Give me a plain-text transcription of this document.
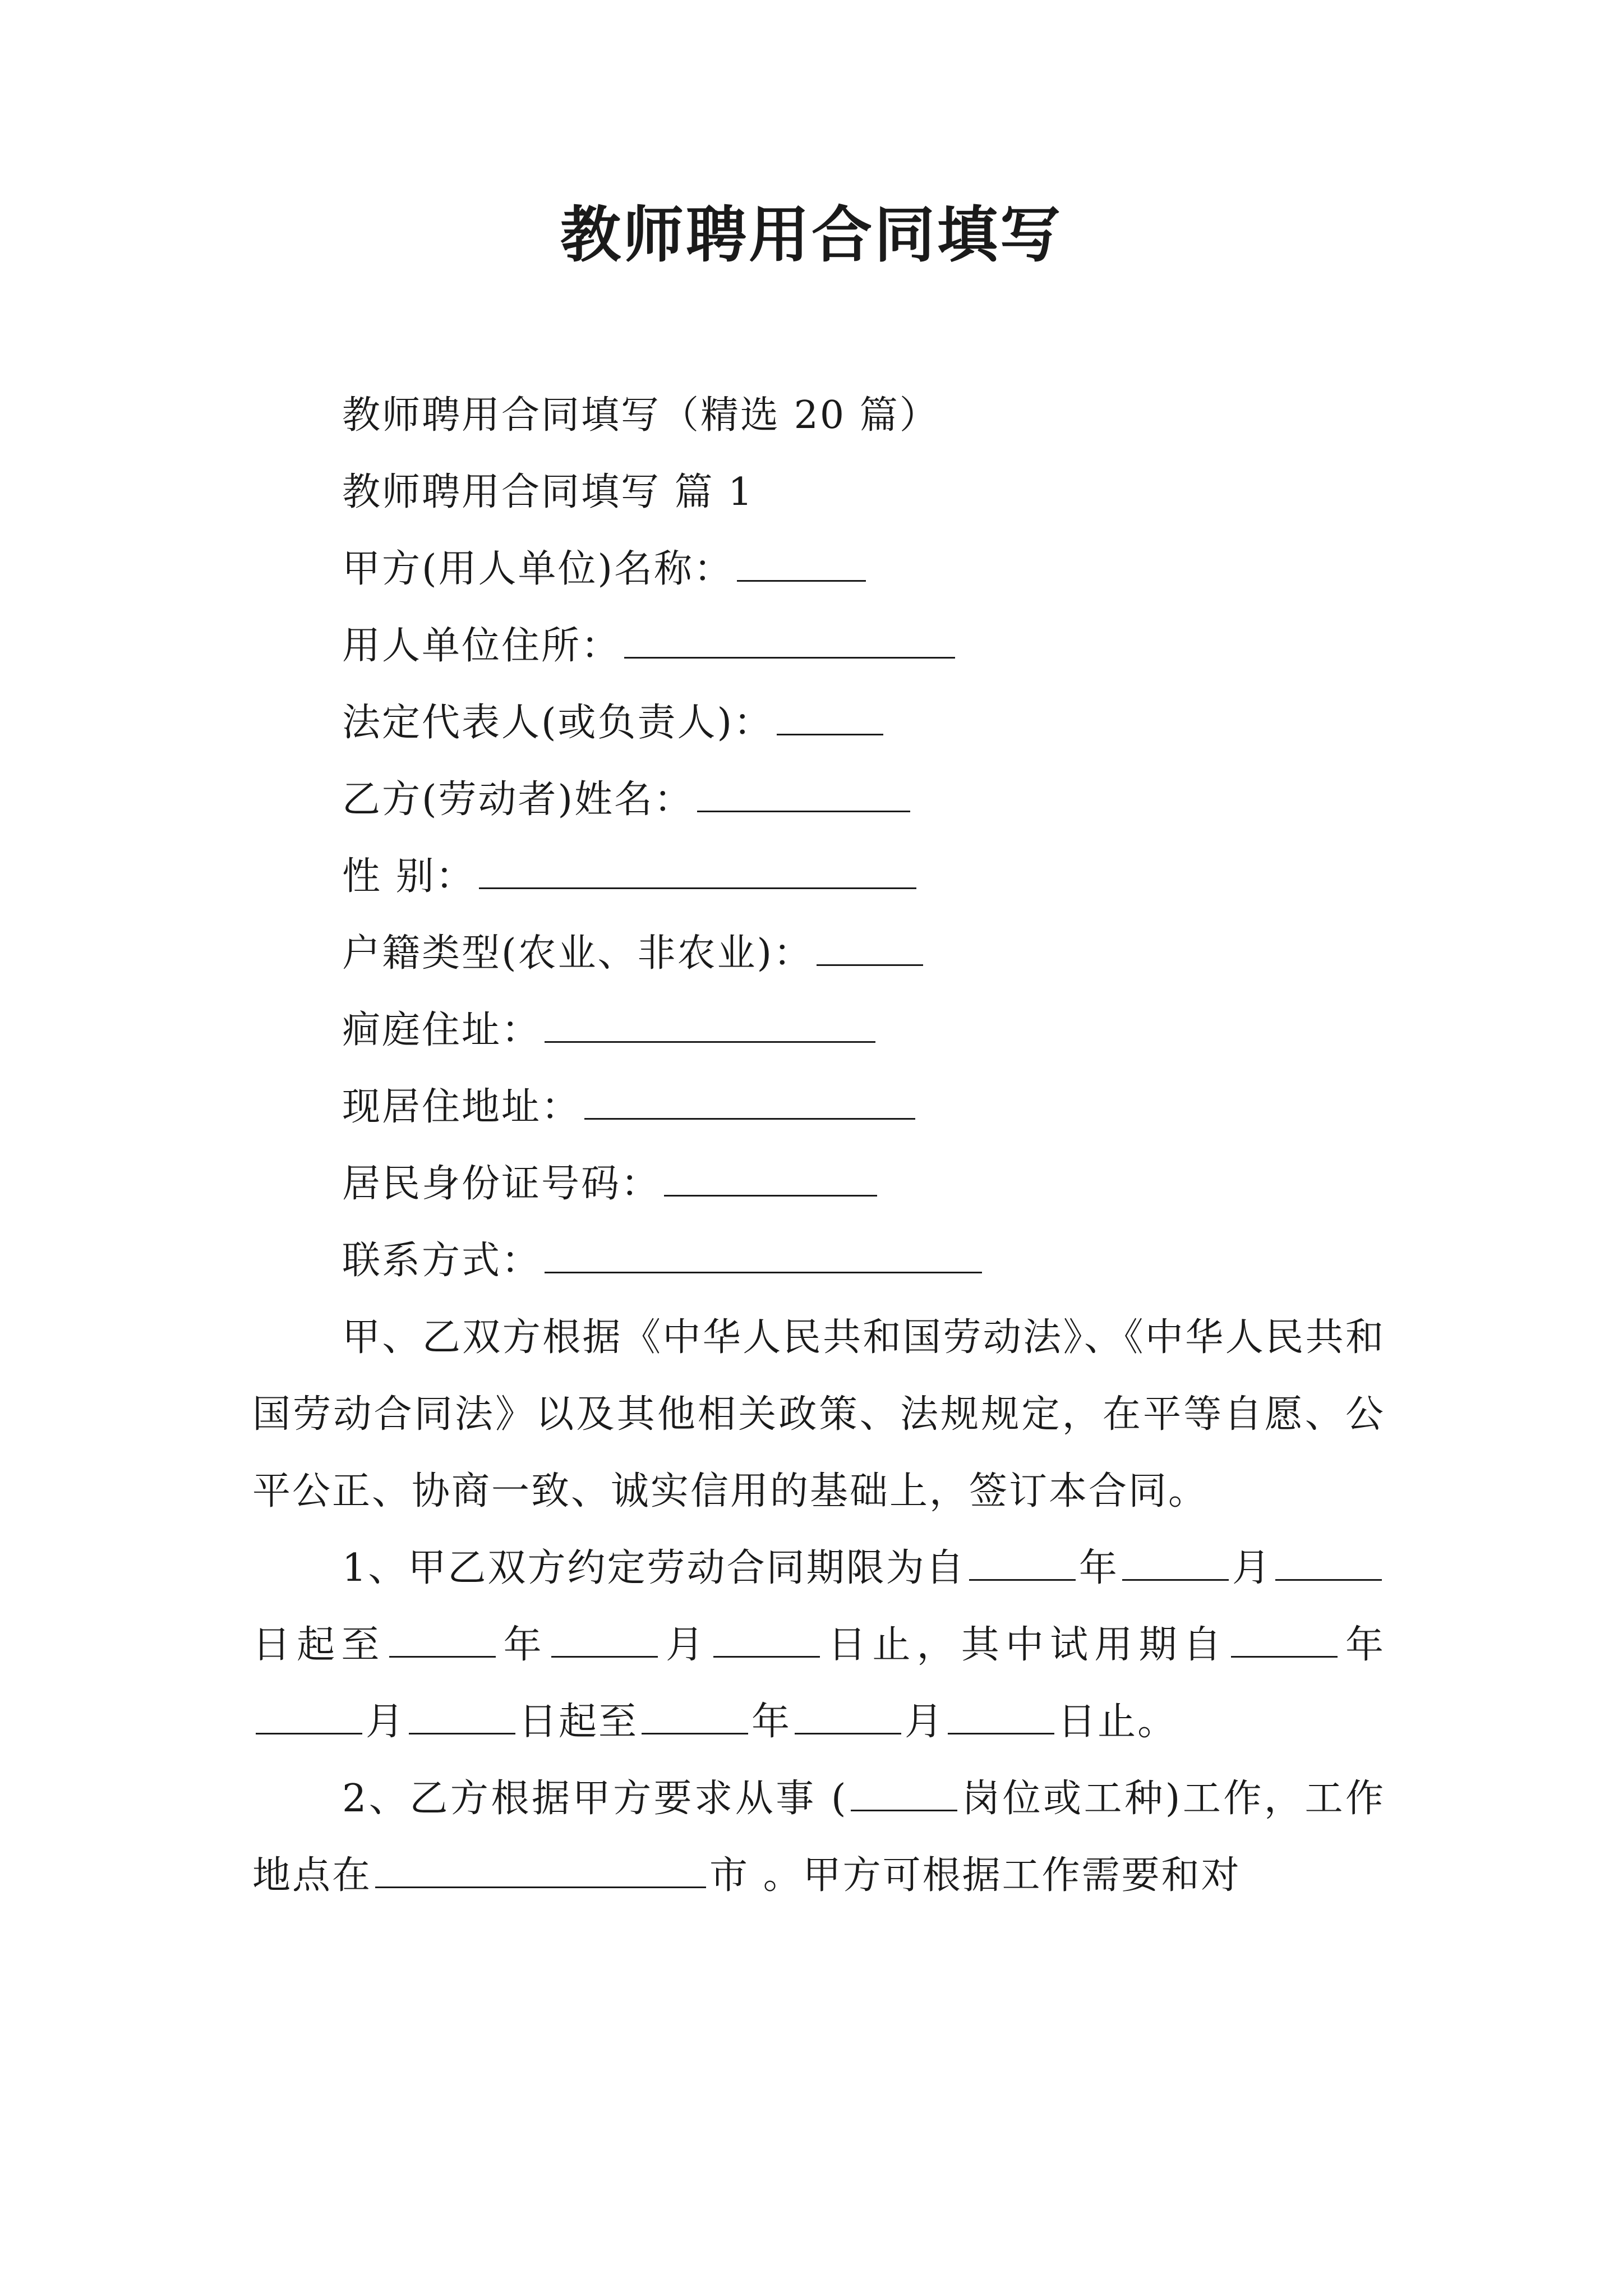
教师聘用合同填写
教师聘用合同填写（精选 20 篇）
教师聘用合同填写 篇 1
甲方(用人单位)名称：
用人单位住所：
法定代表人(或负责人)：
乙方(劳动者)姓名：
性 别：
户籍类型(农业、非农业)：
痐庭住址：
现居住地址：
居民身份证号码：
联系方式：
甲、乙双方根据《中华人民共和国劳动法》、《中华人民共和国劳动合同法》以及其他相关政策、法规规定，在平等自愿、公平公正、协商一致、诚实信用的基础上，签订本合同。
1、甲乙双方约定劳动合同期限为自	年	月日起至	年	月	日止，其中试用期自	年月	日起至	年	月	日止。
2、乙方根据甲方要求从事 (	岗位或工种)工作，工作地点在	市 。甲方可根据工作需要和对
